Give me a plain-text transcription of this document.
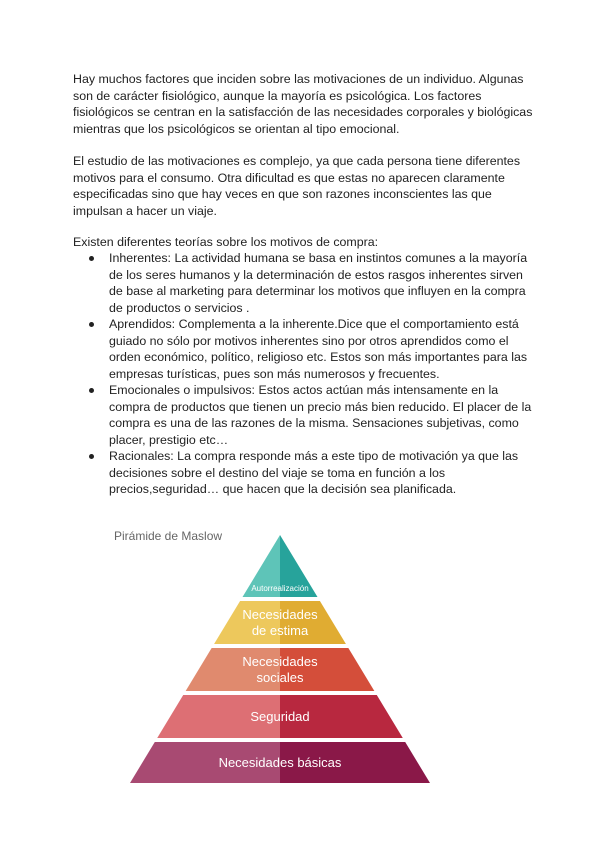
Hay muchos factores que inciden sobre las motivaciones de un individuo. Algunas son de carácter fisiológico, aunque la mayoría es psicológica. Los factores fisiológicos se centran en la satisfacción de las necesidades corporales y biológicas mientras que los psicológicos se orientan al tipo emocional.

El estudio de las motivaciones es complejo, ya que cada persona tiene diferentes motivos para el consumo. Otra dificultad es que estas no aparecen claramente especificadas sino que hay veces en que son razones inconscientes las que impulsan a hacer un viaje.

Existen diferentes teorías sobre los motivos de compra:

Inherentes: La actividad humana se basa en instintos comunes a la mayoría de los seres humanos y la determinación de estos rasgos inherentes sirven de base al marketing para determinar los motivos que influyen en la compra de productos o servicios .
Aprendidos: Complementa a la inherente.Dice que el comportamiento está guiado no sólo por motivos inherentes sino por otros aprendidos como el orden económico, político, religioso etc. Estos son más importantes para las empresas turísticas, pues son más numerosos y frecuentes.
Emocionales o impulsivos: Estos actos actúan más intensamente en la compra de productos que tienen un precio más bien reducido. El placer de la compra es una de las razones de la misma. Sensaciones subjetivas, como placer, prestigio etc…
Racionales: La compra responde más a este tipo de motivación ya que las decisiones sobre el destino del viaje se toma en función a los precios,seguridad… que hacen que la decisión sea planificada.
Pirámide de Maslow
Autorrealización
Necesidades
de estima
Necesidades
sociales
Seguridad
Necesidades básicas
